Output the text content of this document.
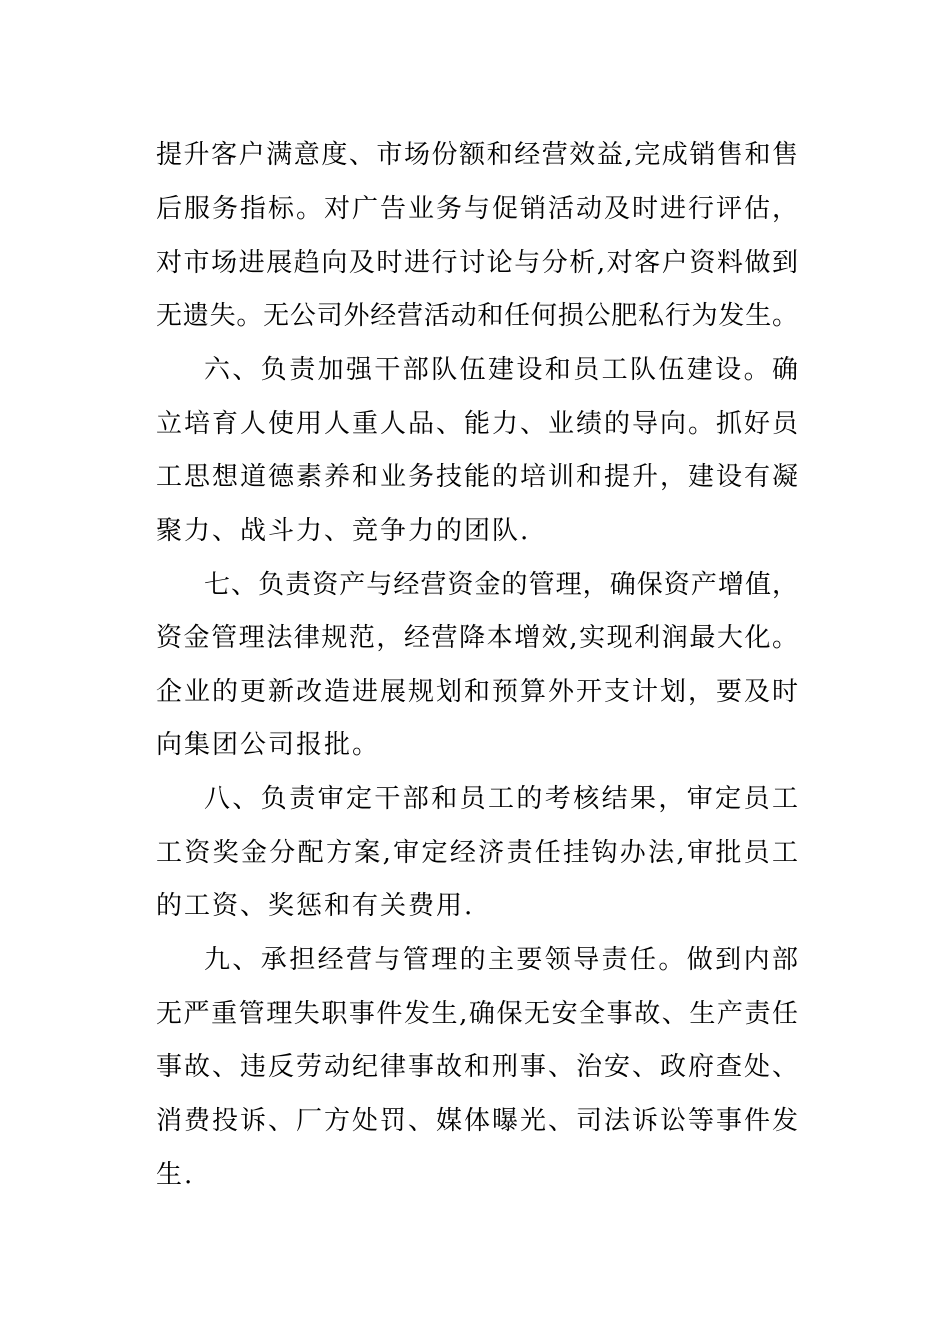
提升客户满意度、市场份额和经营效益,完成销售和售
后服务指标。对广告业务与促销活动及时进行评估，
对市场进展趋向及时进行讨论与分析,对客户资料做到
无遗失。无公司外经营活动和任何损公肥私行为发生。
六、负责加强干部队伍建设和员工队伍建设。确
立培育人使用人重人品、能力、业绩的导向。抓好员
工思想道德素养和业务技能的培训和提升，建设有凝
聚力、战斗力、竞争力的团队.
七、负责资产与经营资金的管理，确保资产增值，
资金管理法律规范，经营降本增效,实现利润最大化。
企业的更新改造进展规划和预算外开支计划，要及时
向集团公司报批。
八、负责审定干部和员工的考核结果，审定员工
工资奖金分配方案,审定经济责任挂钩办法,审批员工
的工资、奖惩和有关费用.
九、承担经营与管理的主要领导责任。做到内部
无严重管理失职事件发生,确保无安全事故、生产责任
事故、违反劳动纪律事故和刑事、治安、政府查处、
消费投诉、厂方处罚、媒体曝光、司法诉讼等事件发
生.
